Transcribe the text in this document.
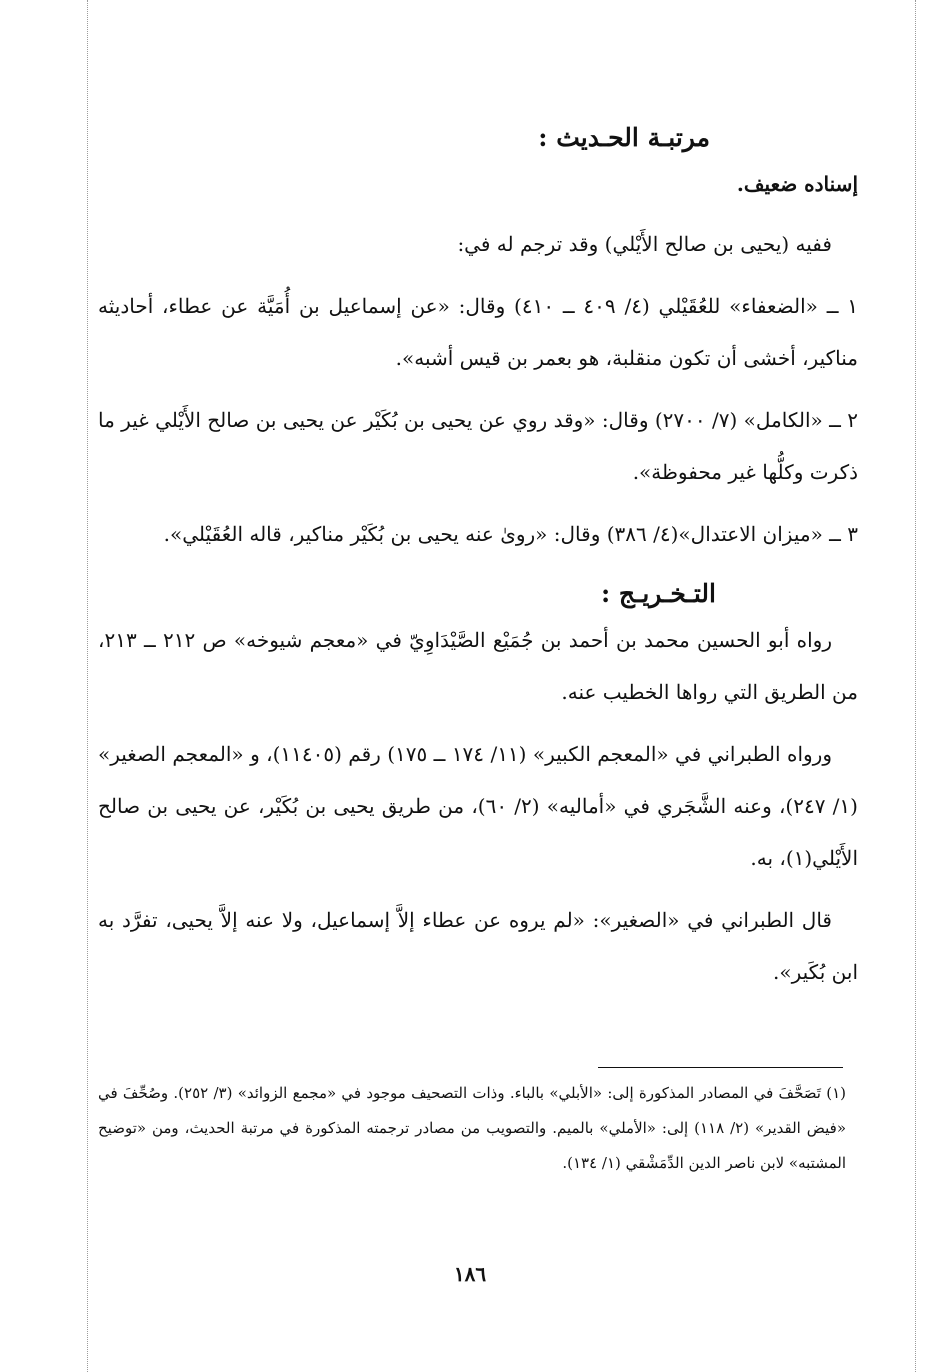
مرتبـة الحـديث :

إسناده ضعيف.

ففيه (يحيى بن صالح الأَيْلي) وقد ترجم له في:

١ ــ «الضعفاء» للعُقَيْلي (٤/ ٤٠٩ ــ ٤١٠) وقال: «عن إسماعيل بن أُمَيَّة عن عطاء، أحاديثه مناكير، أخشى أن تكون منقلبة، هو بعمر بن قيس أشبه».

٢ ــ «الكامل» (٧/ ٢٧٠٠) وقال: «وقد روي عن يحيى بن بُكَيْر عن يحيى بن صالح الأَيْلي غير ما ذكرت وكلُّها غير محفوظة».

٣ ــ «ميزان الاعتدال»(٤/ ٣٨٦) وقال: «روىٰ عنه يحيى بن بُكَيْر مناكير، قاله العُقَيْلي».

التـخـريـج :

رواه أبو الحسين محمد بن أحمد بن جُمَيْع الصَّيْدَاوِيّ في «معجم شيوخه» ص ٢١٢ ــ ٢١٣، من الطريق التي رواها الخطيب عنه.

ورواه الطبراني في «المعجم الكبير» (١١/ ١٧٤ ــ ١٧٥) رقم (١١٤٠٥)، و «المعجم الصغير» (١/ ٢٤٧)، وعنه الشَّجَري في «أماليه» (٢/ ٦٠)، من طريق يحيى بن بُكَيْر، عن يحيى بن صالح الأَيْلي(١)، به.

قال الطبراني في «الصغير»: «لم يروه عن عطاء إلاَّ إسماعيل، ولا عنه إلاَّ يحيى، تفرَّد به ابن بُكَير».

(١) تَصَحَّفَ في المصادر المذكورة إلى: «الأبلي» بالباء. وذات التصحيف موجود في «مجمع الزوائد» (٣/ ٢٥٢). وصُحِّفَ في «فيض القدير» (٢/ ١١٨) إلى: «الأملي» بالميم. والتصويب من مصادر ترجمته المذكورة في مرتبة الحديث، ومن «توضيح المشتبه» لابن ناصر الدين الدِّمَشْقي (١/ ١٣٤).

١٨٦
